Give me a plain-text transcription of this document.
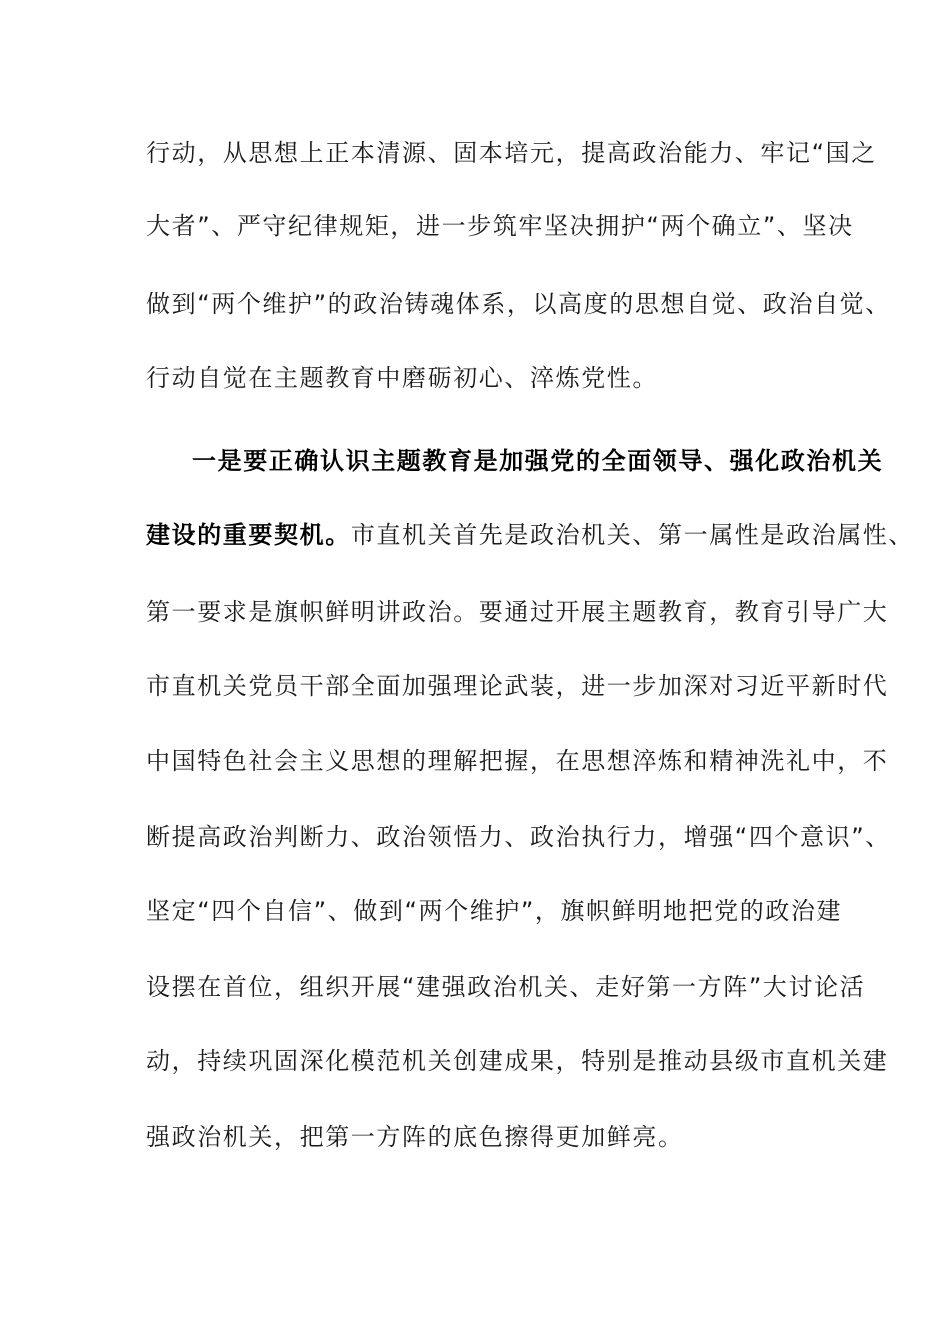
行动，从思想上正本清源、固本培元，提高政治能力、牢记“国之
大者”、严守纪律规矩，进一步筑牢坚决拥护“两个确立”、坚决
做到“两个维护”的政治铸魂体系，以高度的思想自觉、政治自觉、
行动自觉在主题教育中磨砺初心、淬炼党性。
一是要正确认识主题教育是加强党的全面领导、强化政治机关
建设的重要契机。市直机关首先是政治机关、第一属性是政治属性、
第一要求是旗帜鲜明讲政治。要通过开展主题教育，教育引导广大
市直机关党员干部全面加强理论武装，进一步加深对习近平新时代
中国特色社会主义思想的理解把握，在思想淬炼和精神洗礼中，不
断提高政治判断力、政治领悟力、政治执行力，增强“四个意识”、
坚定“四个自信”、做到“两个维护”，旗帜鲜明地把党的政治建
设摆在首位，组织开展“建强政治机关、走好第一方阵”大讨论活
动，持续巩固深化模范机关创建成果，特别是推动县级市直机关建
强政治机关，把第一方阵的底色擦得更加鲜亮。
